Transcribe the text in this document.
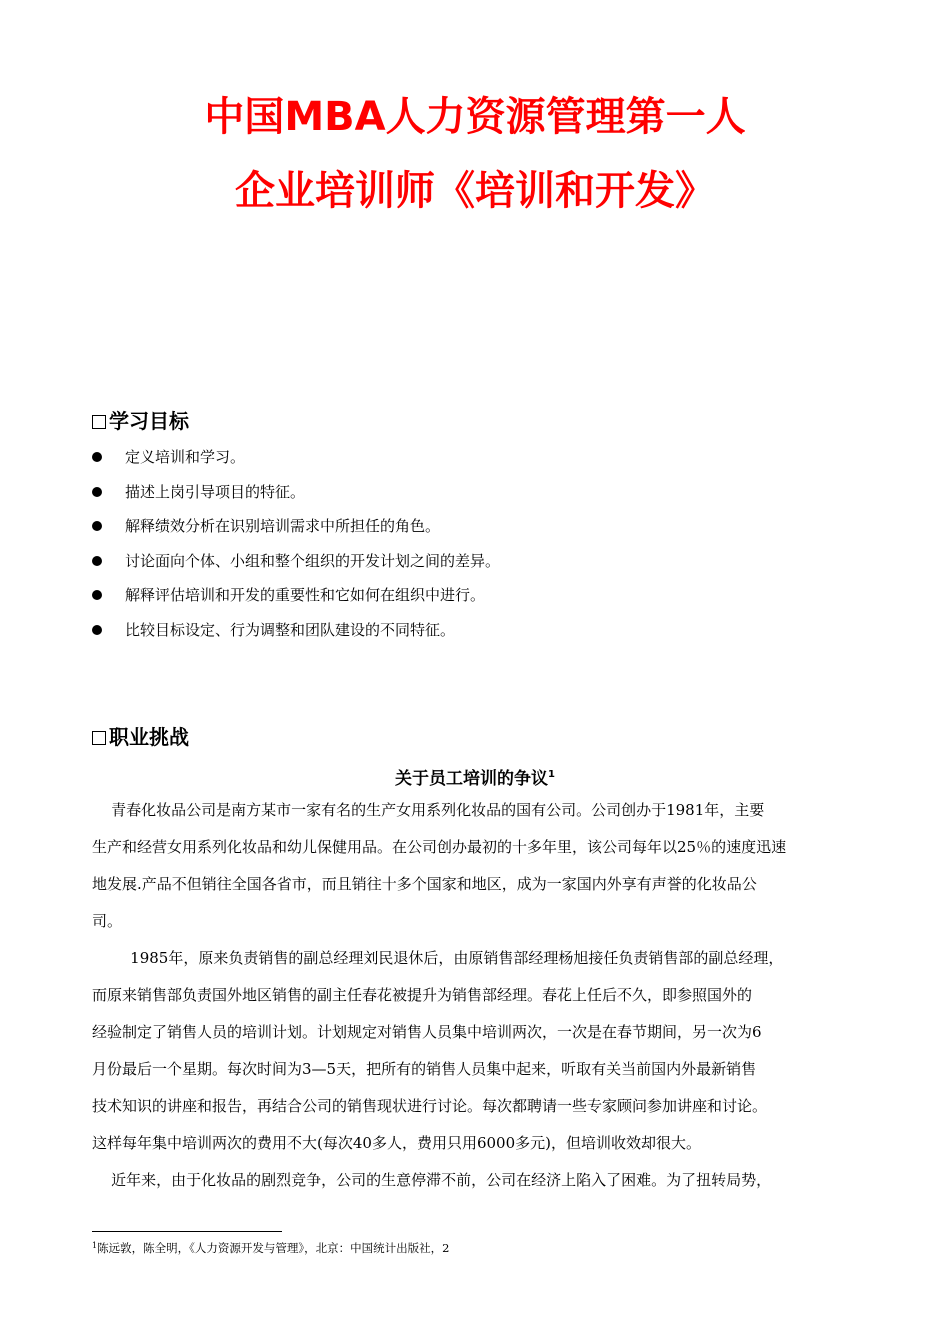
中国MBA人力资源管理第一人
企业培训师《培训和开发》
学习目标
定义培训和学习。
描述上岗引导项目的特征。
解释绩效分析在识别培训需求中所担任的角色。
讨论面向个体、小组和整个组织的开发计划之间的差异。
解释评估培训和开发的重要性和它如何在组织中进行。
比较目标设定、行为调整和团队建设的不同特征。
职业挑战
关于员工培训的争议$^1$
青春化妆品公司是南方某市一家有名的生产女用系列化妆品的国有公司。公司创办于1981年，主要
生产和经营女用系列化妆品和幼儿保健用品。在公司创办最初的十多年里，该公司每年以25％的速度迅速
地发展.产品不但销往全国各省市，而且销往十多个国家和地区，成为一家国内外享有声誉的化妆品公
司。
1985年，原来负责销售的副总经理刘民退休后，由原销售部经理杨旭接任负责销售部的副总经理，
而原来销售部负责国外地区销售的副主任春花被提升为销售部经理。春花上任后不久，即参照国外的
经验制定了销售人员的培训计划。计划规定对销售人员集中培训两次，一次是在春节期间，另一次为6
月份最后一个星期。每次时间为3—5天，把所有的销售人员集中起来，听取有关当前国内外最新销售
技术知识的讲座和报告，再结合公司的销售现状进行讨论。每次都聘请一些专家顾问参加讲座和讨论。
这样每年集中培训两次的费用不大(每次40多人，费用只用6000多元)，但培训收效却很大。
近年来，由于化妆品的剧烈竞争，公司的生意停滞不前，公司在经济上陷入了困难。为了扭转局势，
$^1$陈远敦，陈全明，《人力资源开发与管理》，北京：中国统计出版社，2
